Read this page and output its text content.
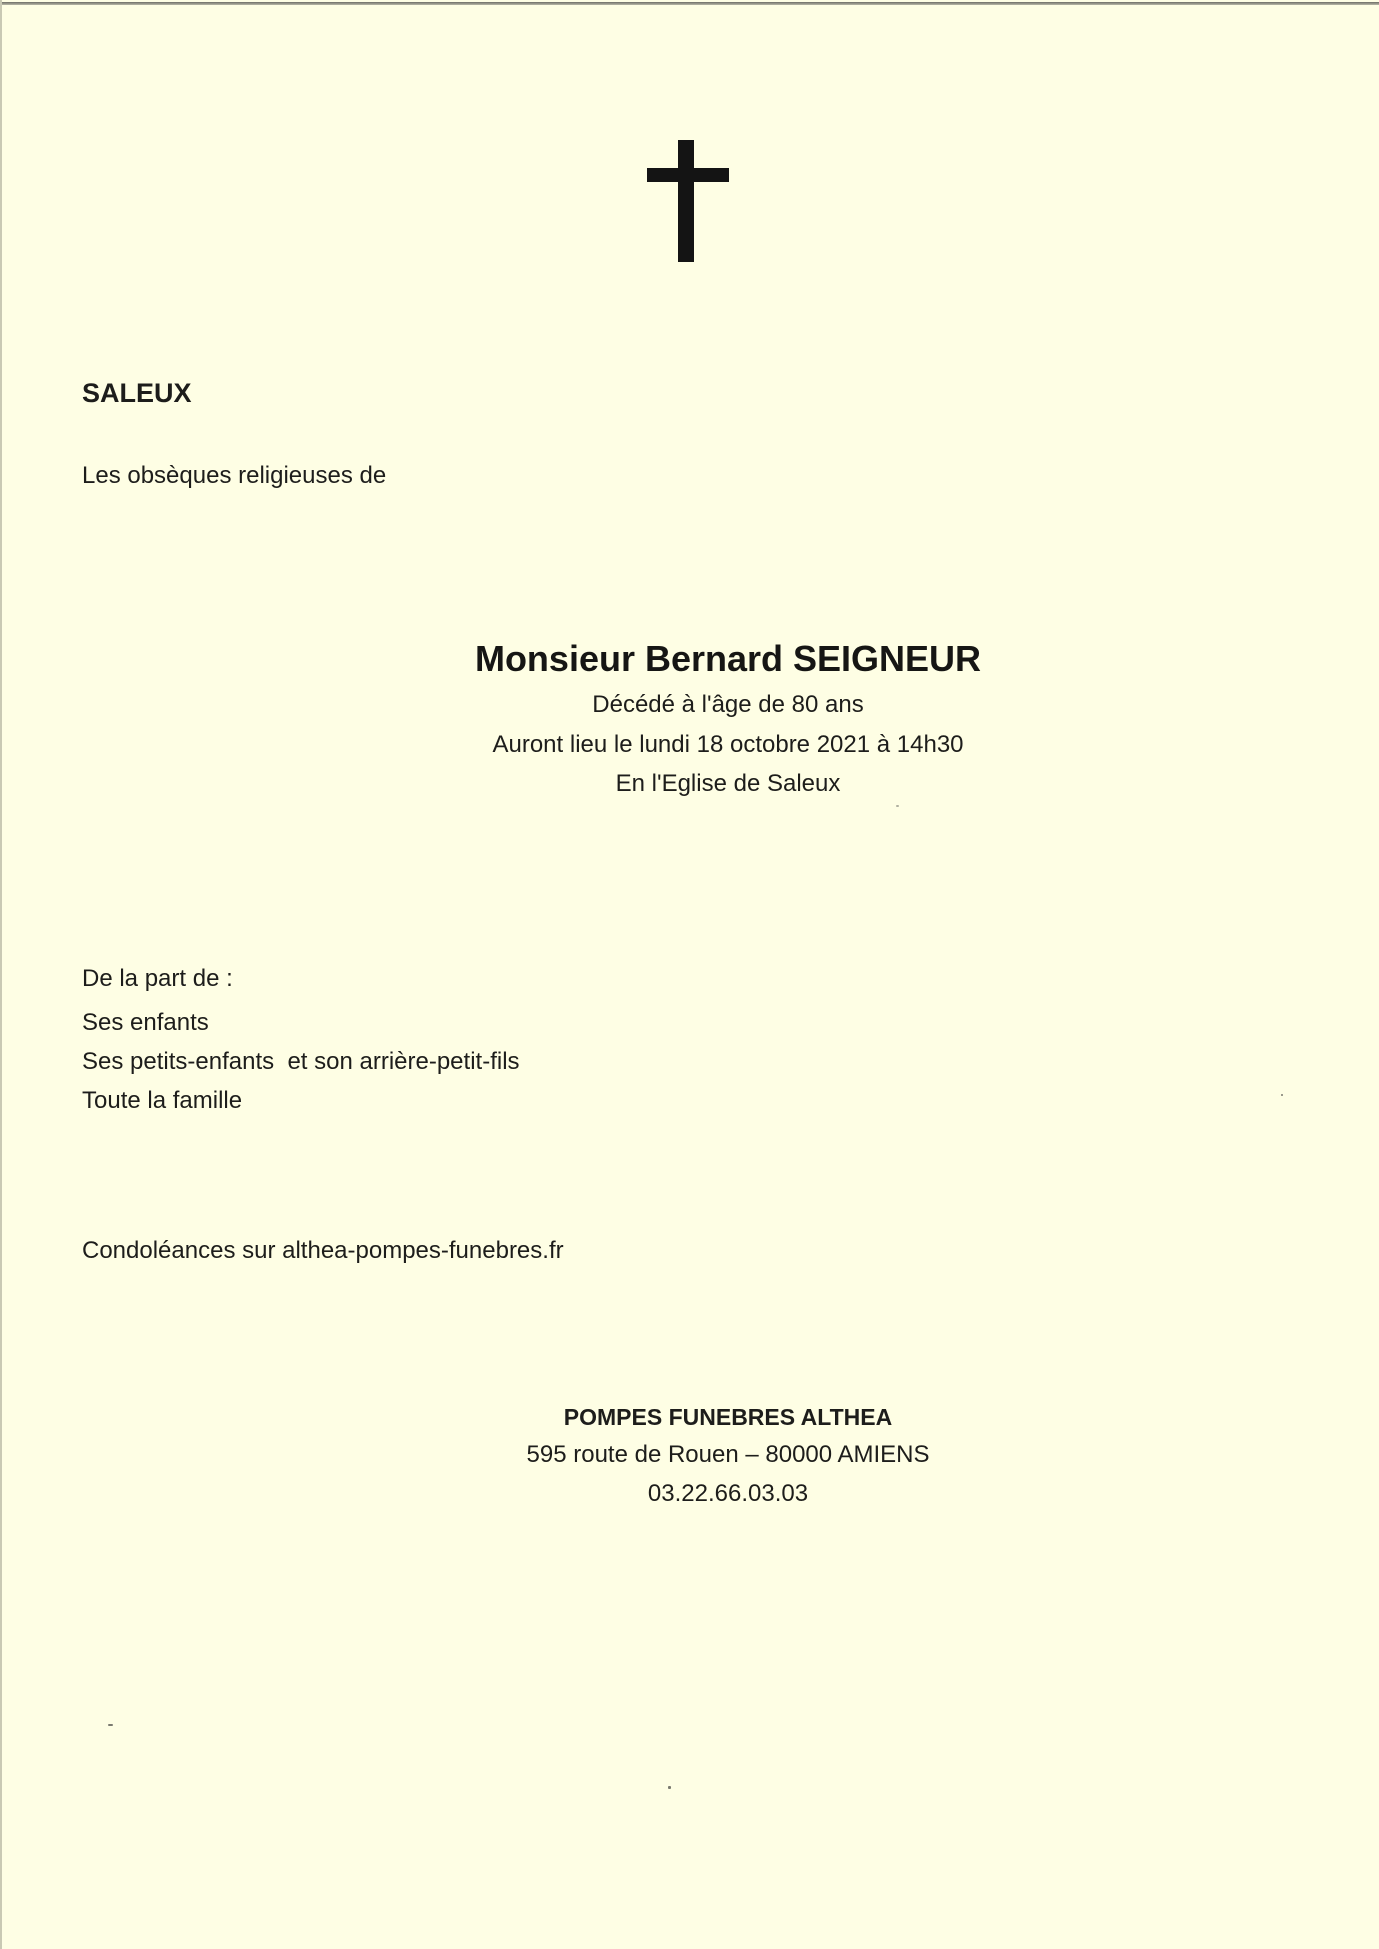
SALEUX
Les obsèques religieuses de
Monsieur Bernard SEIGNEUR
Décédé à l'âge de 80 ans
Auront lieu le lundi 18 octobre 2021 à 14h30
En l'Eglise de Saleux
De la part de :
Ses enfants
Ses petits-enfants  et son arrière-petit-fils
Toute la famille
Condoléances sur althea-pompes-funebres.fr
POMPES FUNEBRES ALTHEA
595 route de Rouen – 80000 AMIENS
03.22.66.03.03
